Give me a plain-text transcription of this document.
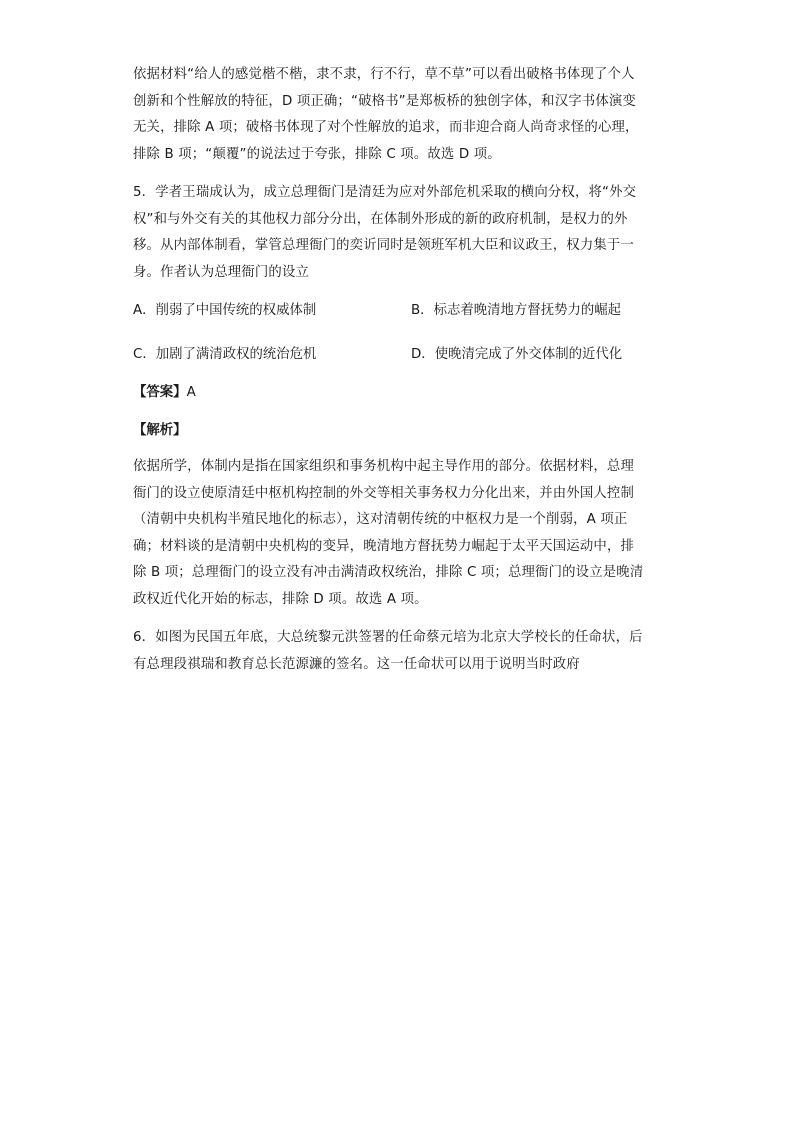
依据材料“给人的感觉楷不楷，隶不隶，行不行，草不草”可以看出破格书体现了个人
创新和个性解放的特征，D 项正确；“破格书”是郑板桥的独创字体，和汉字书体演变
无关，排除 A 项；破格书体现了对个性解放的追求，而非迎合商人尚奇求怪的心理，
排除 B 项；“颠覆”的说法过于夸张，排除 C 项。故选 D 项。

5．学者王瑞成认为，成立总理衙门是清廷为应对外部危机采取的横向分权，将“外交
权”和与外交有关的其他权力部分分出，在体制外形成的新的政府机制，是权力的外
移。从内部体制看，掌管总理衙门的奕䜣同时是领班军机大臣和议政王，权力集于一
身。作者认为总理衙门的设立

A．削弱了中国传统的权威体制	B．标志着晚清地方督抚势力的崛起
C．加剧了满清政权的统治危机	D．使晚清完成了外交体制的近代化
【答案】A
【解析】

依据所学，体制内是指在国家组织和事务机构中起主导作用的部分。依据材料，总理
衙门的设立使原清廷中枢机构控制的外交等相关事务权力分化出来，并由外国人控制
（清朝中央机构半殖民地化的标志），这对清朝传统的中枢权力是一个削弱，A 项正
确；材料谈的是清朝中央机构的变异，晚清地方督抚势力崛起于太平天国运动中，排
除 B 项；总理衙门的设立没有冲击满清政权统治，排除 C 项；总理衙门的设立是晚清
政权近代化开始的标志，排除 D 项。故选 A 项。

6．如图为民国五年底，大总统黎元洪签署的任命蔡元培为北京大学校长的任命状，后
有总理段祺瑞和教育总长范源濂的签名。这一任命状可以用于说明当时政府
